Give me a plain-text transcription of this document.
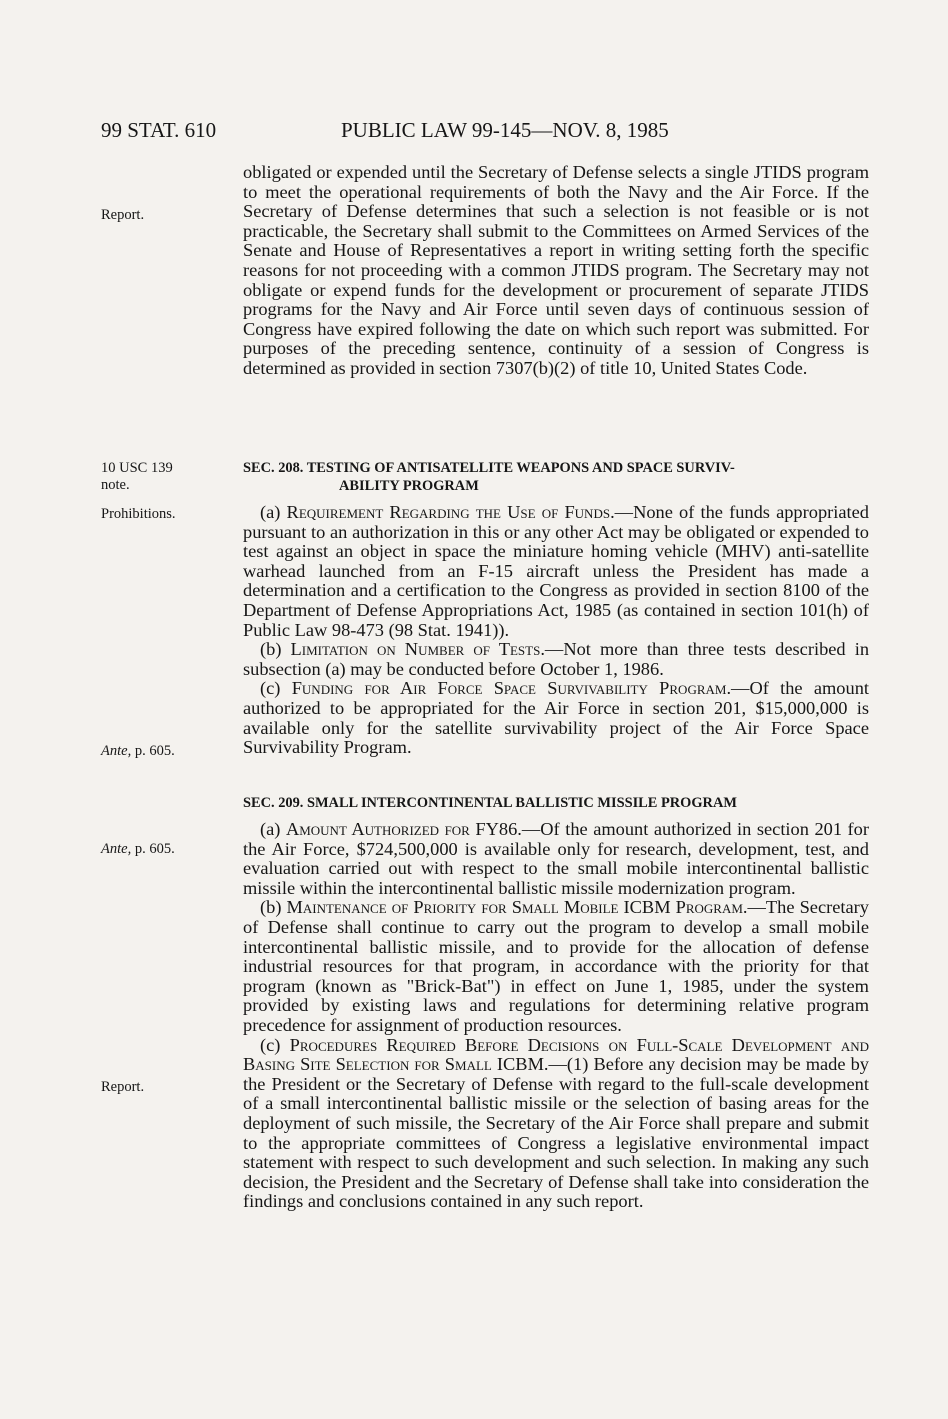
99 STAT. 610	PUBLIC LAW 99-145—NOV. 8, 1985
Report.
10 USC 139
note.
Prohibitions.
Ante, p. 605.
Ante, p. 605.
Report.

obligated or expended until the Secretary of Defense selects a single JTIDS program to meet the operational requirements of both the Navy and the Air Force. If the Secretary of Defense determines that such a selection is not feasible or is not practicable, the Secretary shall submit to the Committees on Armed Services of the Senate and House of Representatives a report in writing setting forth the specific reasons for not proceeding with a common JTIDS program. The Secretary may not obligate or expend funds for the development or procurement of separate JTIDS programs for the Navy and Air Force until seven days of continuous session of Congress have expired following the date on which such report was submitted. For purposes of the preceding sentence, continuity of a session of Congress is determined as provided in section 7307(b)(2) of title 10, United States Code.

SEC. 208. TESTING OF ANTISATELLITE WEAPONS AND SPACE SURVIV-
ABILITY PROGRAM

(a) Requirement Regarding the Use of Funds.—None of the funds appropriated pursuant to an authorization in this or any other Act may be obligated or expended to test against an object in space the miniature homing vehicle (MHV) anti-satellite warhead launched from an F-15 aircraft unless the President has made a determination and a certification to the Congress as provided in section 8100 of the Department of Defense Appropriations Act, 1985 (as contained in section 101(h) of Public Law 98-473 (98 Stat. 1941)).

(b) Limitation on Number of Tests.—Not more than three tests described in subsection (a) may be conducted before October 1, 1986.

(c) Funding for Air Force Space Survivability Program.—Of the amount authorized to be appropriated for the Air Force in section 201, $15,000,000 is available only for the satellite survivability project of the Air Force Space Survivability Program.

SEC. 209. SMALL INTERCONTINENTAL BALLISTIC MISSILE PROGRAM

(a) Amount Authorized for FY86.—Of the amount authorized in section 201 for the Air Force, $724,500,000 is available only for research, development, test, and evaluation carried out with respect to the small mobile intercontinental ballistic missile within the intercontinental ballistic missile modernization program.

(b) Maintenance of Priority for Small Mobile ICBM Program.—The Secretary of Defense shall continue to carry out the program to develop a small mobile intercontinental ballistic missile, and to provide for the allocation of defense industrial resources for that program, in accordance with the priority for that program (known as "Brick-Bat") in effect on June 1, 1985, under the system provided by existing laws and regulations for determining relative program precedence for assignment of production resources.

(c) Procedures Required Before Decisions on Full-Scale Development and Basing Site Selection for Small ICBM.—(1) Before any decision may be made by the President or the Secretary of Defense with regard to the full-scale development of a small intercontinental ballistic missile or the selection of basing areas for the deployment of such missile, the Secretary of the Air Force shall prepare and submit to the appropriate committees of Congress a legislative environmental impact statement with respect to such development and such selection. In making any such decision, the President and the Secretary of Defense shall take into consideration the findings and conclusions contained in any such report.
